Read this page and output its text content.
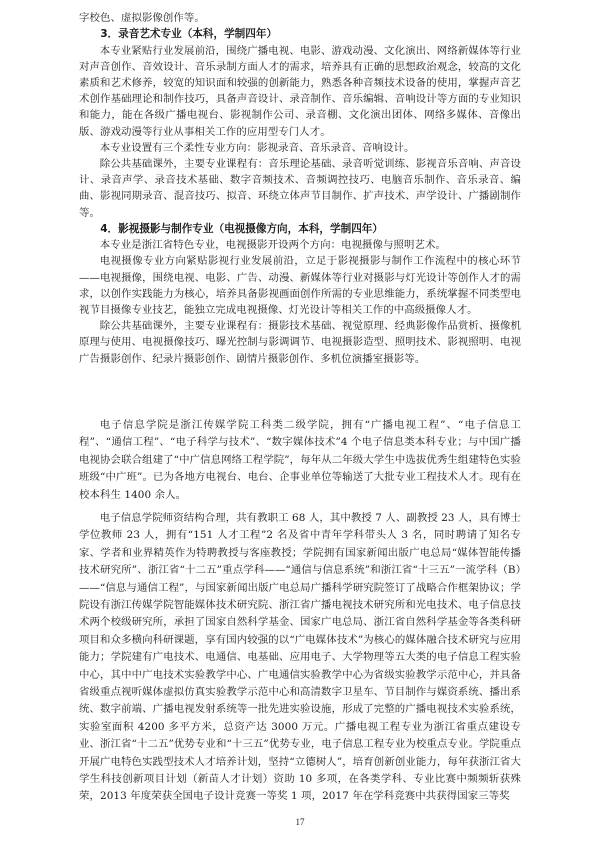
字校色、虚拟影像创作等。

3．录音艺术专业（本科，学制四年）

本专业紧贴行业发展前沿，围绕广播电视、电影、游戏动漫、文化演出、网络新媒体等行业对声音创作、音效设计、音乐录制方面人才的需求，培养具有正确的思想政治观念，较高的文化素质和艺术修养，较宽的知识面和较强的创新能力，熟悉各种音频技术设备的使用，掌握声音艺术创作基础理论和制作技巧，具备声音设计、录音制作、音乐编辑、音响设计等方面的专业知识和能力，能在各级广播电视台、影视制作公司、录音棚、文化演出团体、网络多媒体、音像出版、游戏动漫等行业从事相关工作的应用型专门人才。

本专业设置有三个柔性专业方向：影视录音、音乐录音、音响设计。

除公共基础课外，主要专业课程有：音乐理论基础、录音听觉训练、影视音乐音响、声音设计、录音声学、录音技术基础、数字音频技术、音频调控技巧、电脑音乐制作、音乐录音、编曲、影视同期录音、混音技巧、拟音、环绕立体声节目制作、扩声技术、声学设计、广播剧制作等。

4．影视摄影与制作专业（电视摄像方向，本科，学制四年）

本专业是浙江省特色专业，电视摄影开设两个方向：电视摄像与照明艺术。

电视摄像专业方向紧贴影视行业发展前沿，立足于影视摄影与制作工作流程中的核心环节——电视摄像，围绕电视、电影、广告、动漫、新媒体等行业对摄影与灯光设计等创作人才的需求，以创作实践能力为核心，培养具备影视画面创作所需的专业思维能力，系统掌握不同类型电视节目摄像专业技艺，能独立完成电视摄像、灯光设计等相关工作的中高级摄像人才。

除公共基础课外，主要专业课程有：摄影技术基础、视觉原理、经典影像作品赏析、摄像机原理与使用、电视摄像技巧、曝光控制与影调调节、电视摄影造型、照明技术、影视照明、电视广告摄影创作、纪录片摄影创作、剧情片摄影创作、多机位演播室摄影等。

电子信息学院是浙江传媒学院工科类二级学院，拥有“广播电视工程”、“电子信息工程”、“通信工程”、“电子科学与技术”、“数字媒体技术”4 个电子信息类本科专业；与中国广播电视协会联合组建了“中广信息网络工程学院”，每年从二年级大学生中选拔优秀生组建特色实验班级“中广班”。已为各地方电视台、电台、企事业单位等输送了大批专业工程技术人才。现有在校本科生 1400 余人。

电子信息学院师资结构合理，共有教职工 68 人，其中教授 7 人、副教授 23 人，具有博士学位教师 23 人，拥有“151 人才工程”2 名及省中青年学科带头人 3 名，同时聘请了知名专家、学者和业界精英作为特聘教授与客座教授；学院拥有国家新闻出版广电总局“媒体智能传播技术研究所”、浙江省“十二五”重点学科——“通信与信息系统”和浙江省“十三五”一流学科（B）——“信息与通信工程”，与国家新闻出版广电总局广播科学研究院签订了战略合作框架协议；学院设有浙江传媒学院智能媒体技术研究院、浙江省广播电视技术研究所和光电技术、电子信息技术两个校级研究所，承担了国家自然科学基金、国家广电总局、浙江省自然科学基金等各类科研项目和众多横向科研课题，享有国内较强的以“广电媒体技术”为核心的媒体融合技术研究与应用能力；学院建有广电技术、电通信、电基础、应用电子、大学物理等五大类的电子信息工程实验中心，其中中广电技术实验教学中心、广电通信实验教学中心为省级实验教学示范中心，并具备省级重点视听媒体虚拟仿真实验教学示范中心和高清数字卫星车、节目制作与媒资系统、播出系统、数字前端、广播电视发射系统等一批先进实验设施，形成了完整的广播电视技术实验系统，实验室面积 4200 多平方米，总资产达 3000 万元。广播电视工程专业为浙江省重点建设专业、浙江省“十二五”优势专业和“十三五”优势专业，电子信息工程专业为校重点专业。学院重点开展广电特色实践型技术人才培养计划，坚持“立德树人”，培育创新创业能力，每年获浙江省大学生科技创新项目计划（新苗人才计划）资助 10 多项，在各类学科、专业比赛中频频斩获殊荣，2013 年度荣获全国电子设计竞赛一等奖 1 项，2017 年在学科竞赛中共获得国家三等奖

17
